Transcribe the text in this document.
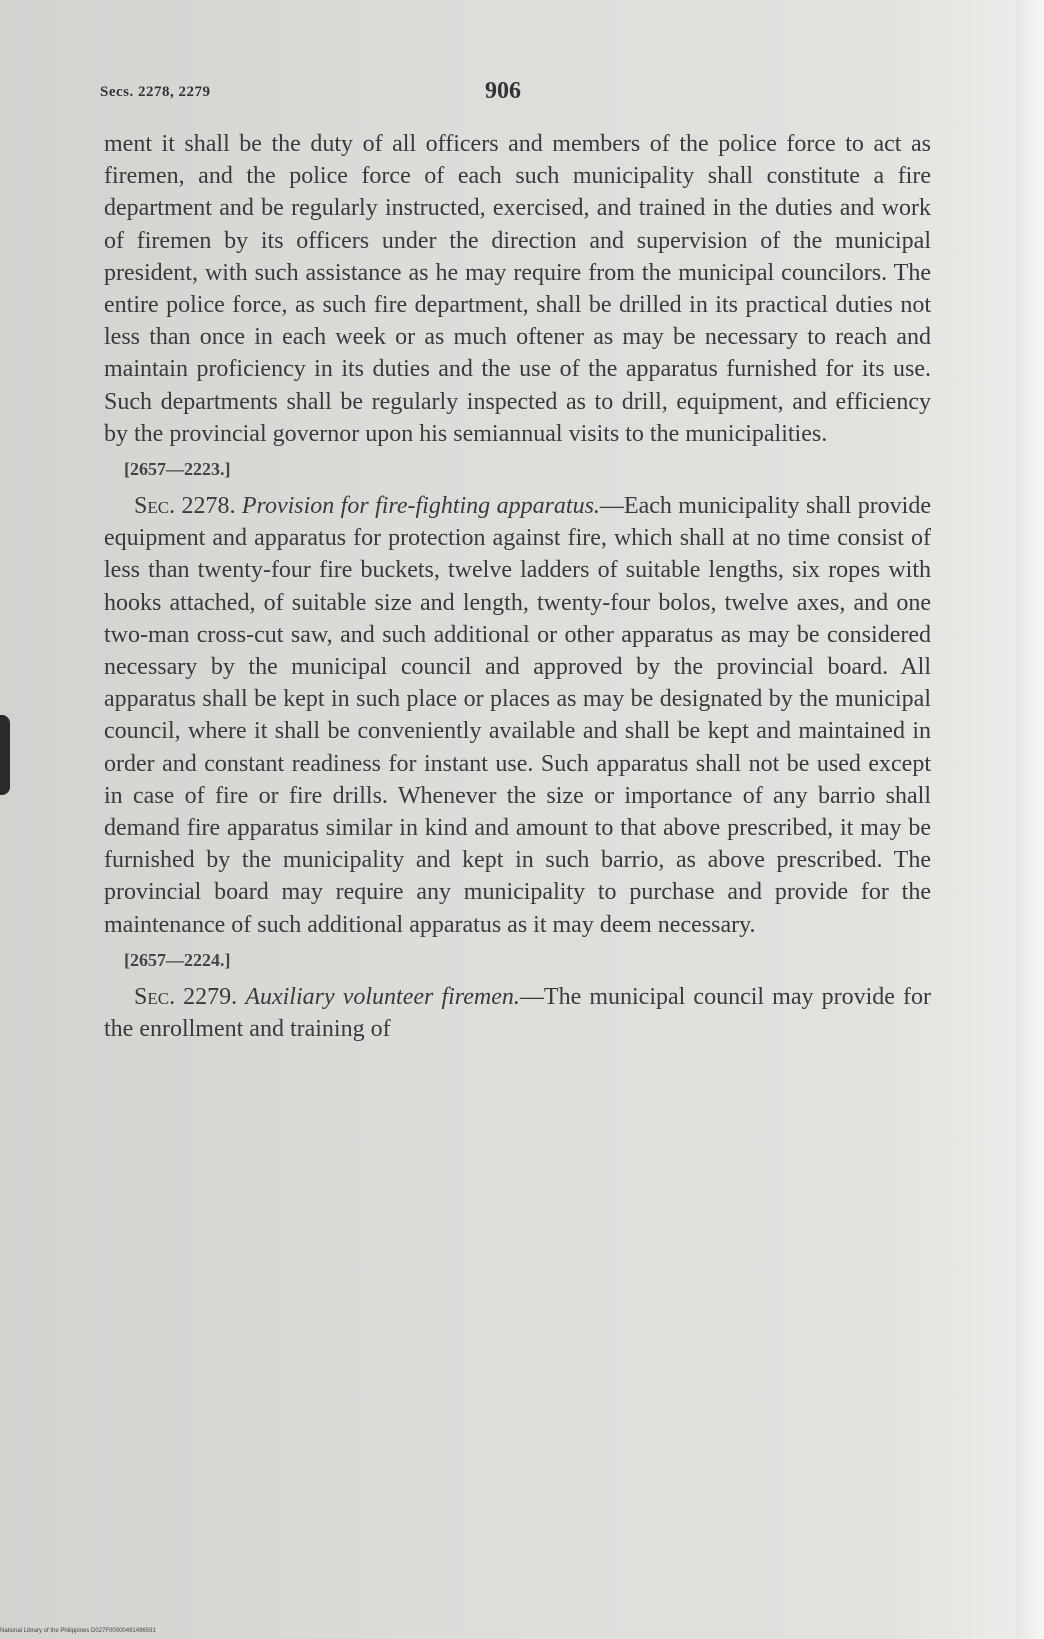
Secs. 2278, 2279	906

ment it shall be the duty of all officers and members of the police force to act as firemen, and the police force of each such municipality shall constitute a fire department and be regularly instructed, exercised, and trained in the duties and work of firemen by its officers under the direction and supervision of the municipal president, with such assistance as he may require from the municipal councilors. The entire police force, as such fire department, shall be drilled in its practical duties not less than once in each week or as much oftener as may be necessary to reach and maintain proficiency in its duties and the use of the apparatus furnished for its use. Such departments shall be regularly inspected as to drill, equipment, and efficiency by the provincial governor upon his semiannual visits to the municipalities.

[2657—2223.]

Sec. 2278. Provision for fire-fighting apparatus.—Each municipality shall provide equipment and apparatus for protection against fire, which shall at no time consist of less than twenty-four fire buckets, twelve ladders of suitable lengths, six ropes with hooks attached, of suitable size and length, twenty-four bolos, twelve axes, and one two-man cross-cut saw, and such additional or other apparatus as may be considered necessary by the municipal council and approved by the provincial board. All apparatus shall be kept in such place or places as may be designated by the municipal council, where it shall be conveniently available and shall be kept and maintained in order and constant readiness for instant use. Such apparatus shall not be used except in case of fire or fire drills. Whenever the size or importance of any barrio shall demand fire apparatus similar in kind and amount to that above prescribed, it may be furnished by the municipality and kept in such barrio, as above prescribed. The provincial board may require any municipality to purchase and provide for the maintenance of such additional apparatus as it may deem necessary.

[2657—2224.]

Sec. 2279. Auxiliary volunteer firemen.—The municipal council may provide for the enrollment and training of

National Library of the Philippines D027F00000491496591
